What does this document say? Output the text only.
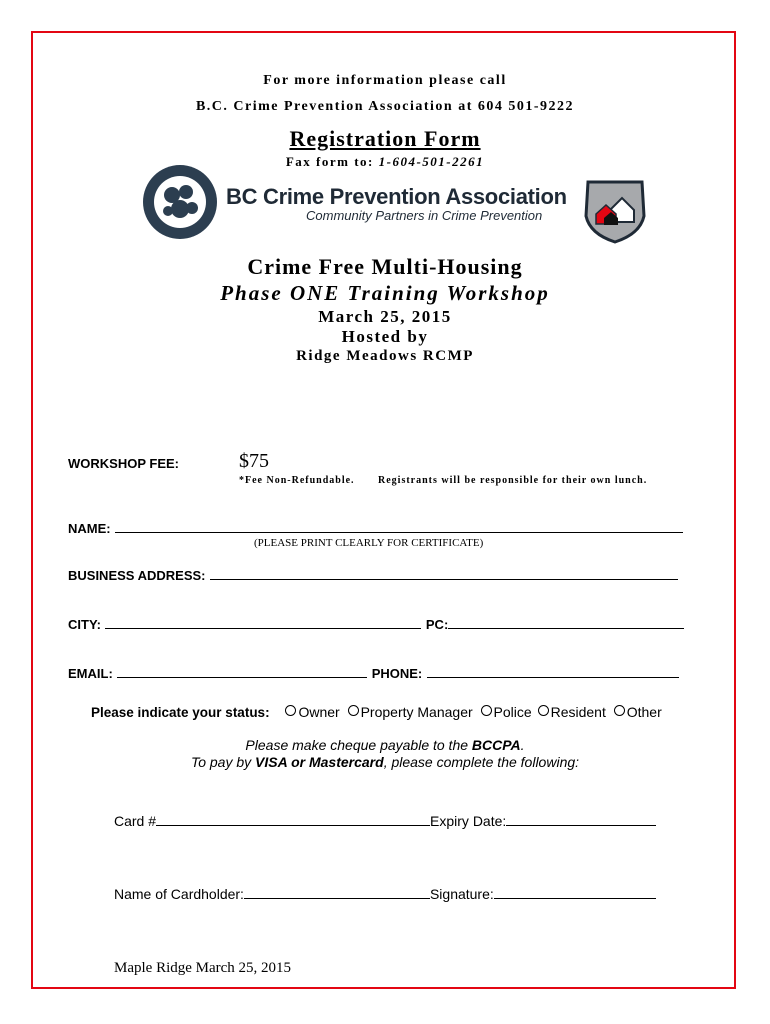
For more information please call
B.C. Crime Prevention Association at 604 501-9222
Registration Form
Fax form to: 1-604-501-2261
BC Crime Prevention Association
Community Partners in Crime Prevention
Crime Free Multi-Housing
Phase ONE Training Workshop
March 25, 2015
Hosted by
Ridge Meadows RCMP
WORKSHOP FEE:	$75
*Fee Non-Refundable. Registrants will be responsible for their own lunch.
NAME:
(PLEASE PRINT CLEARLY FOR CERTIFICATE)
BUSINESS ADDRESS:
CITY:	PC:
EMAIL:	PHONE:
Please indicate your status: Owner Property Manager Police Resident Other
Please make cheque payable to the BCCPA.
To pay by VISA or Mastercard, please complete the following:
Card #	Expiry Date:
Name of Cardholder:	Signature:
Maple Ridge March 25, 2015
